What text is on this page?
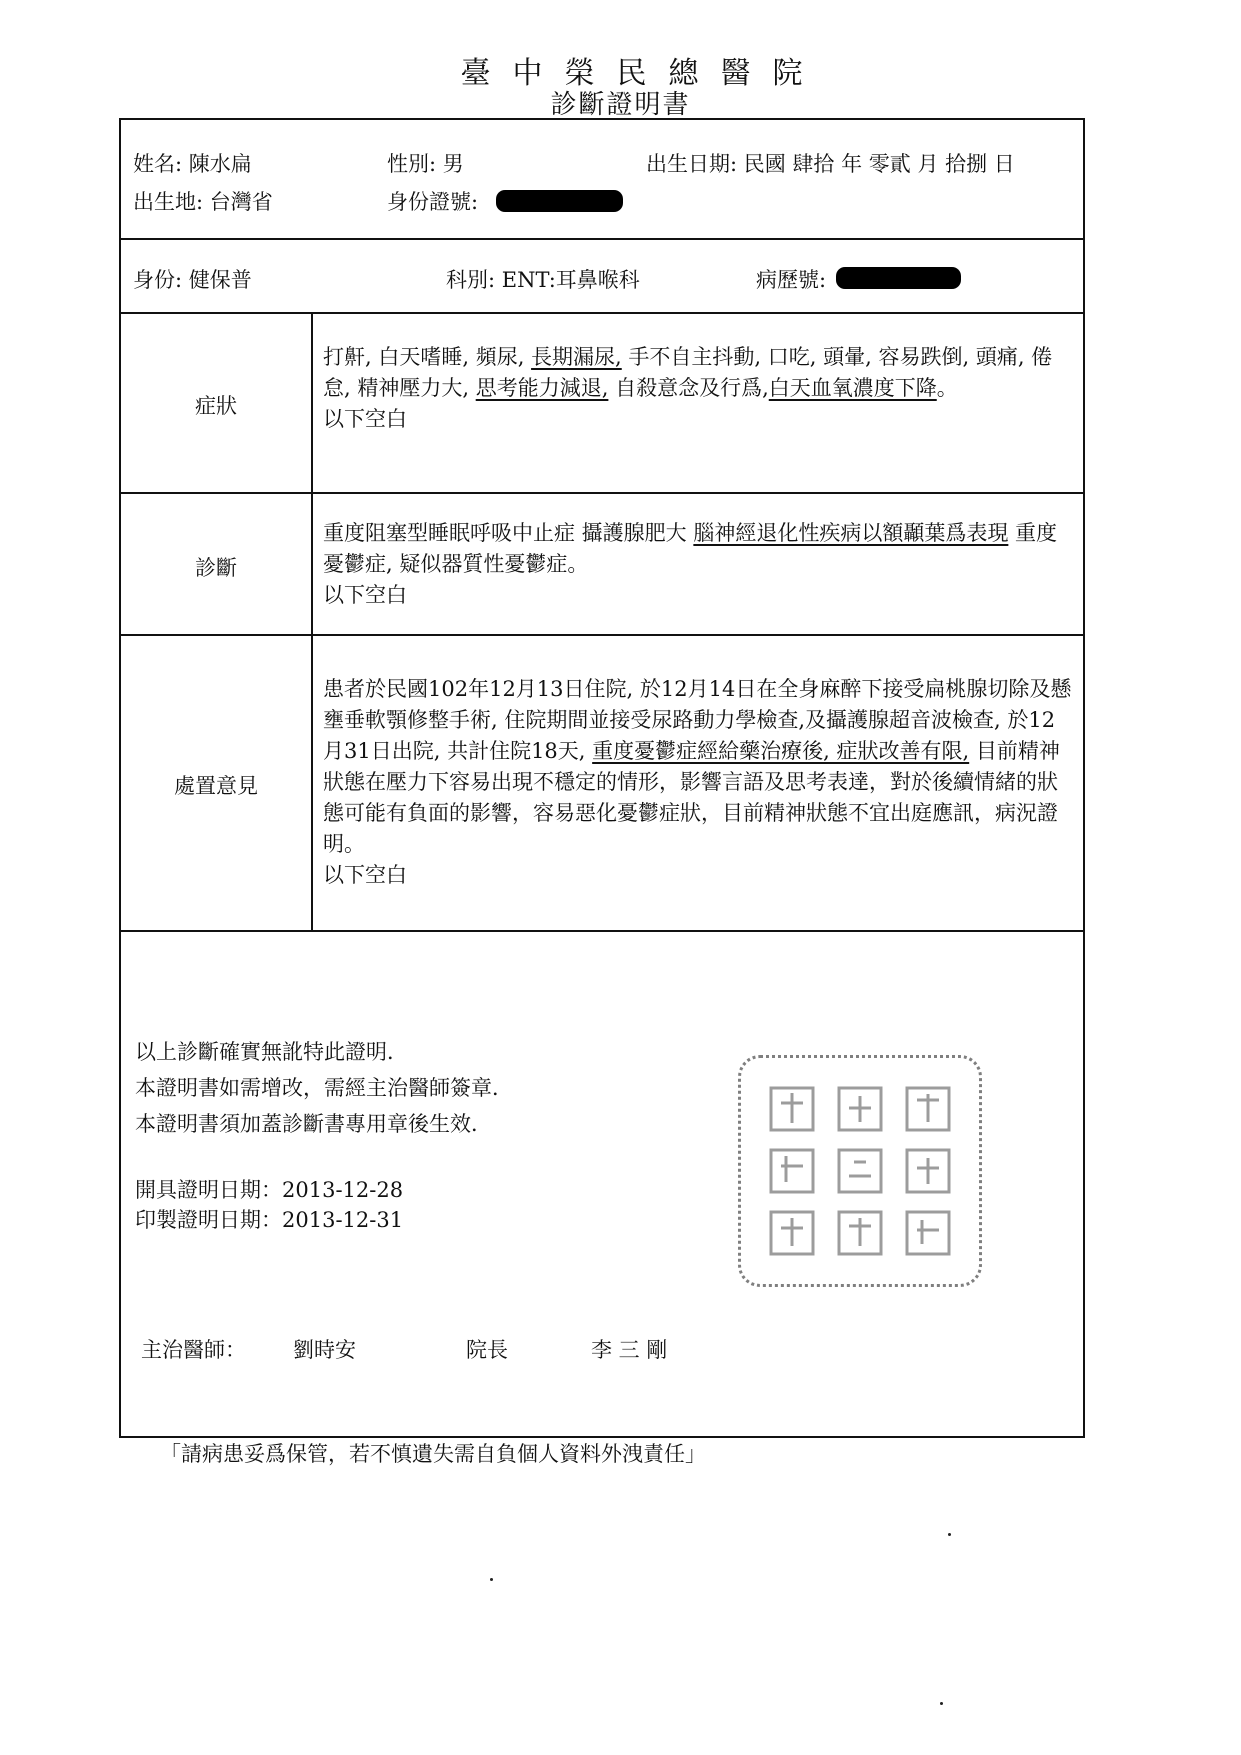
臺中榮民總醫院
診斷證明書
姓名: 陳水扁	性別: 男	出生日期: 民國 肆拾 年 零貳 月 拾捌 日
出生地: 台灣省	身份證號:
身份: 健保普	科別: ENT:耳鼻喉科	病歷號:
症狀
打鼾, 白天嗜睡, 頻尿, 長期漏尿, 手不自主抖動, 口吃, 頭暈, 容易跌倒, 頭痛, 倦怠, 精神壓力大, 思考能力減退, 自殺意念及行爲,白天血氧濃度下降。
以下空白
診斷
重度阻塞型睡眠呼吸中止症 攝護腺肥大 腦神經退化性疾病以額顳葉爲表現 重度憂鬱症, 疑似器質性憂鬱症。
以下空白
處置意見
患者於民國102年12月13日住院, 於12月14日在全身麻醉下接受扁桃腺切除及懸壅垂軟顎修整手術, 住院期間並接受尿路動力學檢查,及攝護腺超音波檢查, 於12月31日出院, 共計住院18天, 重度憂鬱症經給藥治療後, 症狀改善有限, 目前精神狀態在壓力下容易出現不穩定的情形，影響言語及思考表達，對於後續情緒的狀態可能有負面的影響，容易惡化憂鬱症狀，目前精神狀態不宜出庭應訊，病況證明。
以下空白
以上診斷確實無訛特此證明．
本證明書如需增改，需經主治醫師簽章．
本證明書須加蓋診斷書專用章後生效．
開具證明日期：2013-12-28
印製證明日期：2013-12-31
主治醫師： 劉時安	院長	李 三 剛
「請病患妥爲保管，若不慎遺失需自負個人資料外洩責任」
